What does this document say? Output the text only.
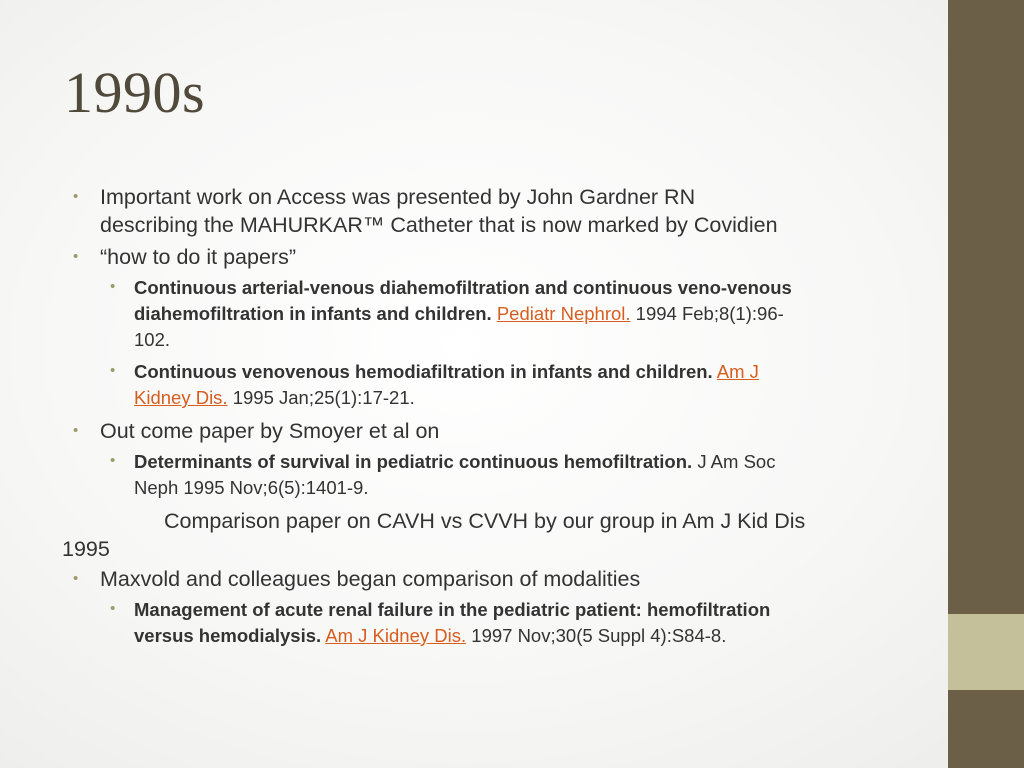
1990s

• Important work on Access was presented by John Gardner RN
describing the MAHURKAR™ Catheter that is now marked by Covidien

• “how to do it papers”

• Continuous arterial-venous diahemofiltration and continuous veno-venous
diahemofiltration in infants and children. Pediatr Nephrol. 1994 Feb;8(1):96-
102.

• Continuous venovenous hemodiafiltration in infants and children. Am J
Kidney Dis. 1995 Jan;25(1):17-21.

• Out come paper by Smoyer et al on

• Determinants of survival in pediatric continuous hemofiltration. J Am Soc
Neph 1995 Nov;6(5):1401-9.

Comparison paper on CAVH vs CVVH by our group in Am J Kid Dis
1995

• Maxvold and colleagues began comparison of modalities

• Management of acute renal failure in the pediatric patient: hemofiltration
versus hemodialysis. Am J Kidney Dis. 1997 Nov;30(5 Suppl 4):S84-8.
